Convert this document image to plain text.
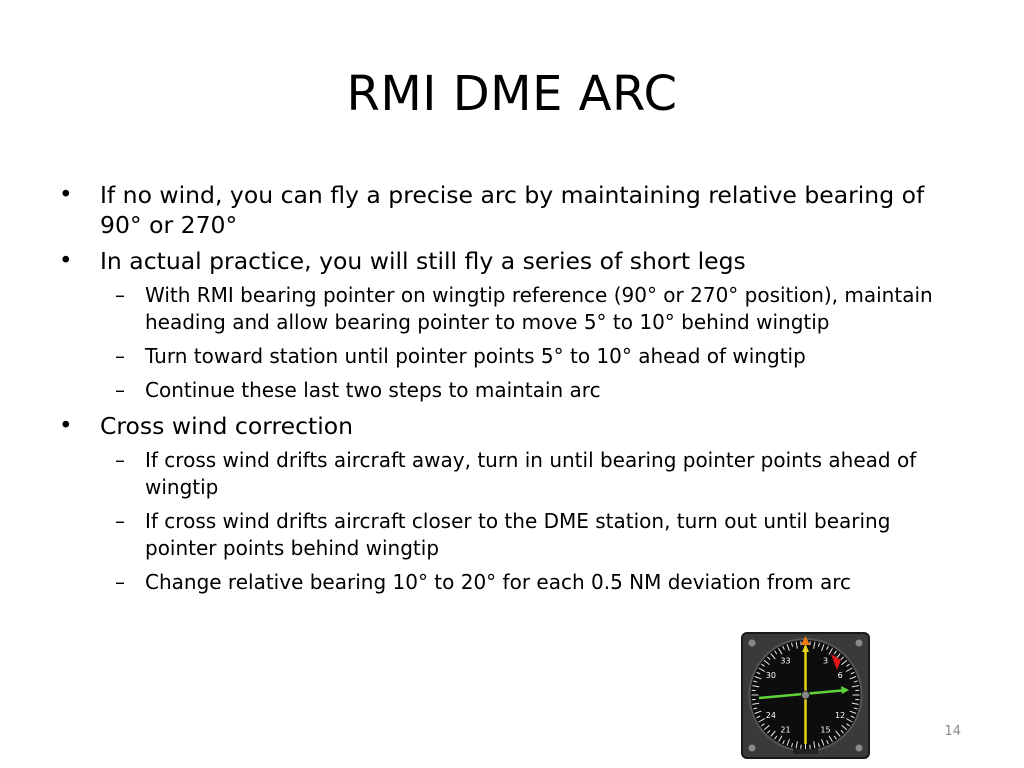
RMI DME ARC
• If no wind, you can fly a precise arc by maintaining relative bearing of 90° or 270°
• In actual practice, you will still fly a series of short legs
– With RMI bearing pointer on wingtip reference (90° or 270° position), maintain heading and allow bearing pointer to move 5° to 10° behind wingtip
– Turn toward station until pointer points 5° to 10° ahead of wingtip
– Continue these last two steps to maintain arc
• Cross wind correction
– If cross wind drifts aircraft away, turn in until bearing pointer points ahead of wingtip
– If cross wind drifts aircraft closer to the DME station, turn out until bearing pointer points behind wingtip
– Change relative bearing 10° to 20° for each 0.5 NM deviation from arc
33	3
6
12
15
21
24
30
14
